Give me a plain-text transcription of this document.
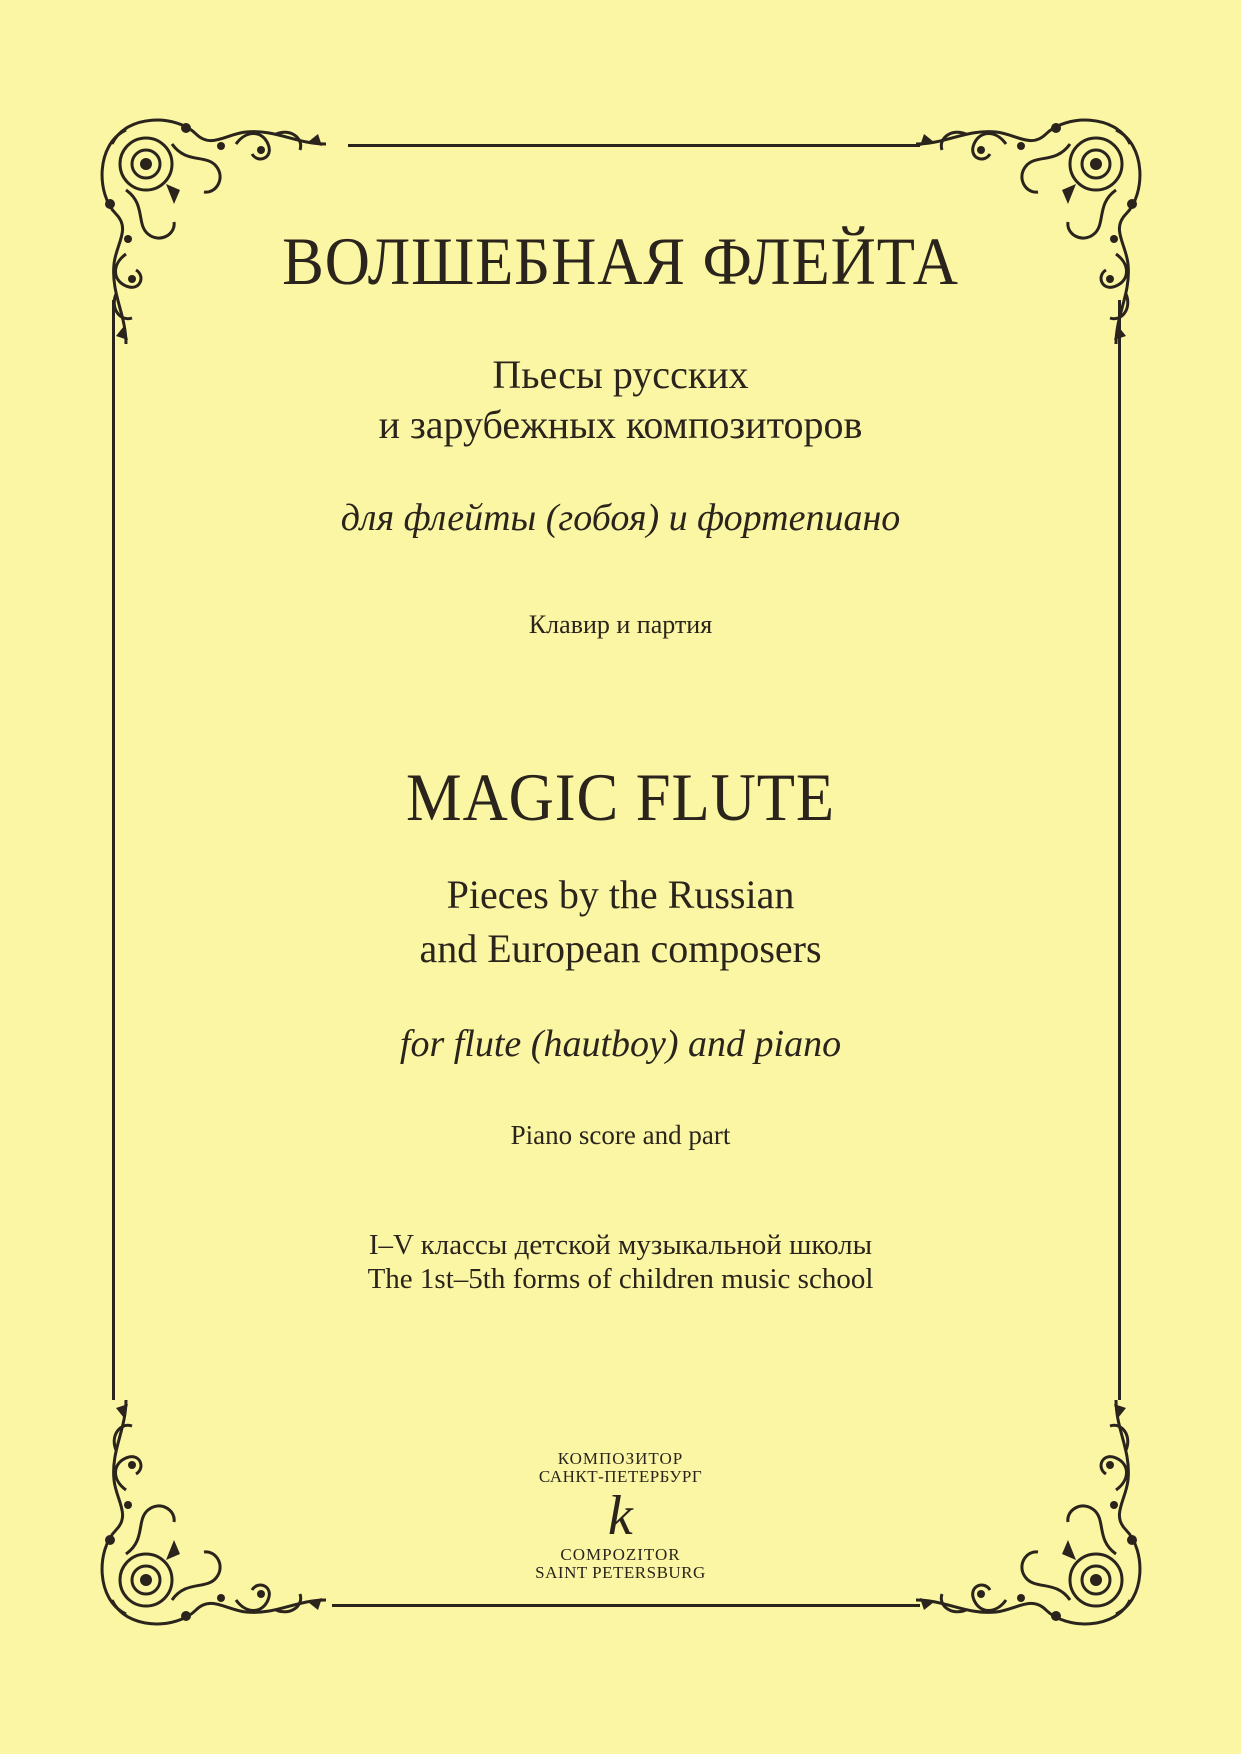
ВОЛШЕБНАЯ ФЛЕЙТА
Пьесы русских
и зарубежных композиторов
для флейты (гобоя) и фортепиано
Клавир и партия
MAGIC FLUTE
Pieces by the Russian
and European composers
for flute (hautboy) and piano
Piano score and part
I–V классы детской музыкальной школы
The 1st–5th forms of children music school
КОМПОЗИТОР
САНКТ-ПЕТЕРБУРГ
k
COMPOZITOR
SAINT PETERSBURG
